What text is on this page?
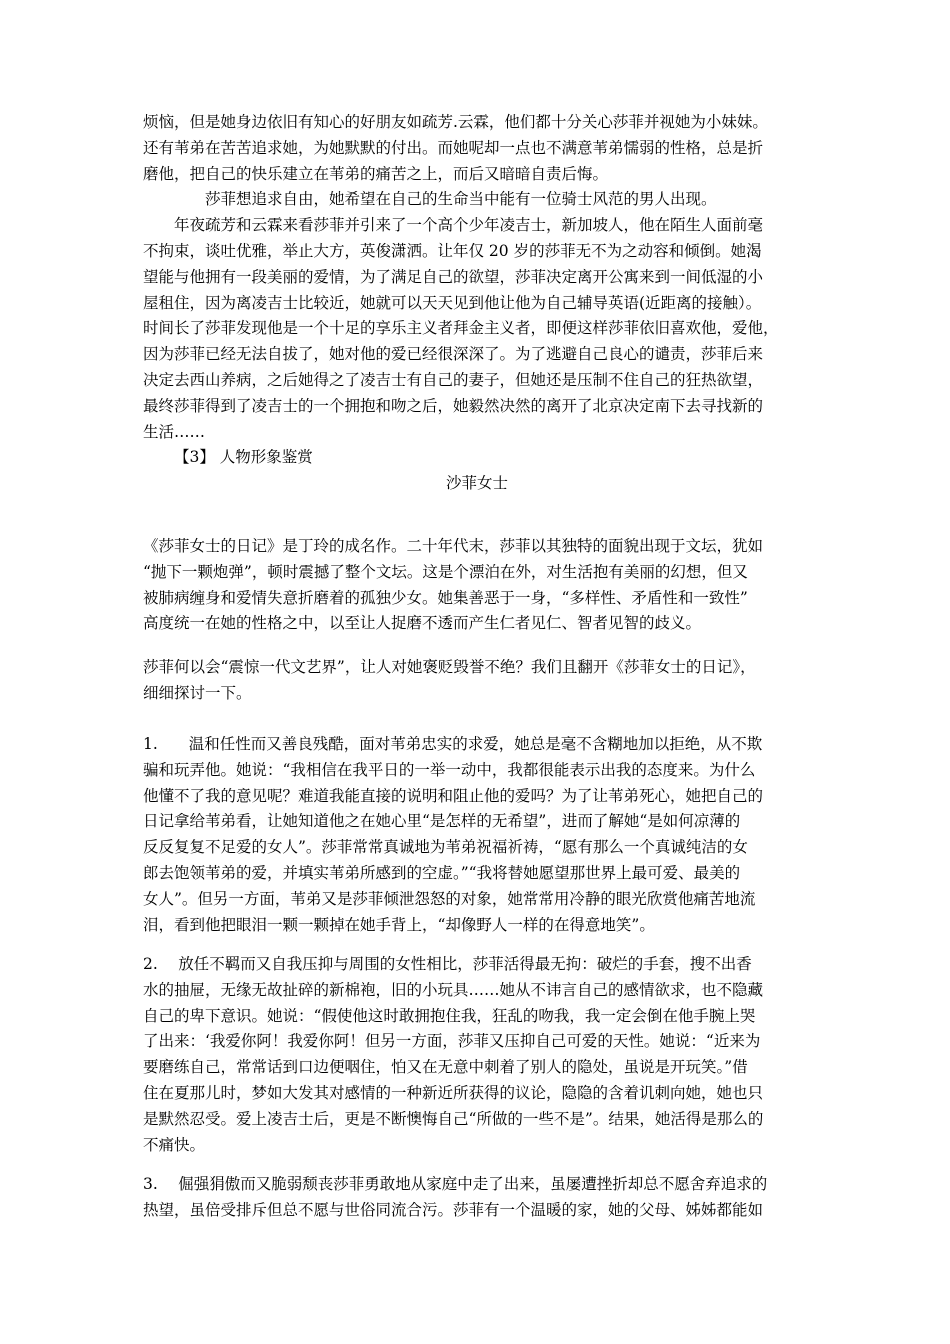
烦恼，但是她身边依旧有知心的好朋友如疏芳.云霖，他们都十分关心莎菲并视她为小妹妹。
还有苇弟在苦苦追求她，为她默默的付出。而她呢却一点也不满意苇弟懦弱的性格，总是折
磨他，把自己的快乐建立在苇弟的痛苦之上，而后又暗暗自责后悔。
莎菲想追求自由，她希望在自己的生命当中能有一位骑士风范的男人出现。
年夜疏芳和云霖来看莎菲并引来了一个高个少年凌吉士，新加坡人，他在陌生人面前毫
不拘束，谈吐优雅，举止大方，英俊潇洒。让年仅 20 岁的莎菲无不为之动容和倾倒。她渴
望能与他拥有一段美丽的爱情，为了满足自己的欲望，莎菲决定离开公寓来到一间低湿的小
屋租住，因为离凌吉士比较近，她就可以天天见到他让他为自己辅导英语(近距离的接触）。
时间长了莎菲发现他是一个十足的享乐主义者拜金主义者，即便这样莎菲依旧喜欢他，爱他，
因为莎菲已经无法自拔了，她对他的爱已经很深深了。为了逃避自己良心的谴责，莎菲后来
决定去西山养病，之后她得之了凌吉士有自己的妻子，但她还是压制不住自己的狂热欲望，
最终莎菲得到了凌吉士的一个拥抱和吻之后，她毅然决然的离开了北京决定南下去寻找新的
生活……
【3】 人物形象鉴赏
沙菲女士
《莎菲女士的日记》是丁玲的成名作。二十年代末，莎菲以其独特的面貌出现于文坛，犹如
“抛下一颗炮弹”，顿时震撼了整个文坛。这是个漂泊在外，对生活抱有美丽的幻想，但又
被肺病缠身和爱情失意折磨着的孤独少女。她集善恶于一身，“多样性、矛盾性和一致性”
高度统一在她的性格之中，以至让人捉磨不透而产生仁者见仁、智者见智的歧义。
莎菲何以会“震惊一代文艺界”，让人对她褒贬毁誉不绝？我们且翻开《莎菲女士的日记》，
细细探讨一下。
1.　　温和任性而又善良残酷，面对苇弟忠实的求爱，她总是毫不含糊地加以拒绝，从不欺
骗和玩弄他。她说：“我相信在我平日的一举一动中，我都很能表示出我的态度来。为什么
他懂不了我的意见呢？难道我能直接的说明和阻止他的爱吗？为了让苇弟死心，她把自己的
日记拿给苇弟看，让她知道他之在她心里“是怎样的无希望”，进而了解她“是如何凉薄的
反反复复不足爱的女人”。莎菲常常真诚地为苇弟祝福祈祷，“愿有那么一个真诚纯洁的女
郎去饱领苇弟的爱，并填实苇弟所感到的空虚。”“我将替她愿望那世界上最可爱、最美的
女人”。但另一方面，苇弟又是莎菲倾泄怨怒的对象，她常常用冷静的眼光欣赏他痛苦地流
泪，看到他把眼泪一颗一颗掉在她手背上，“却像野人一样的在得意地笑”。
2.　 放任不羁而又自我压抑与周围的女性相比，莎菲活得最无拘：破烂的手套，搜不出香
水的抽屉，无缘无故扯碎的新棉袍，旧的小玩具……她从不讳言自己的感情欲求，也不隐藏
自己的卑下意识。她说：“假使他这时敢拥抱住我，狂乱的吻我，我一定会倒在他手腕上哭
了出来：‘我爱你阿！我爱你阿！但另一方面，莎菲又压抑自己可爱的天性。她说：“近来为
要磨练自己，常常话到口边便咽住，怕又在无意中刺着了别人的隐处，虽说是开玩笑。”借
住在夏那儿时，梦如大发其对感情的一种新近所获得的议论，隐隐的含着讥刺向她，她也只
是默然忍受。爱上凌吉士后，更是不断懊悔自己“所做的一些不是”。结果，她活得是那么的
不痛快。
3.　 倔强狷傲而又脆弱颓丧莎菲勇敢地从家庭中走了出来，虽屡遭挫折却总不愿舍弃追求的
热望，虽倍受排斥但总不愿与世俗同流合污。莎菲有一个温暖的家，她的父母、姊姊都能如
